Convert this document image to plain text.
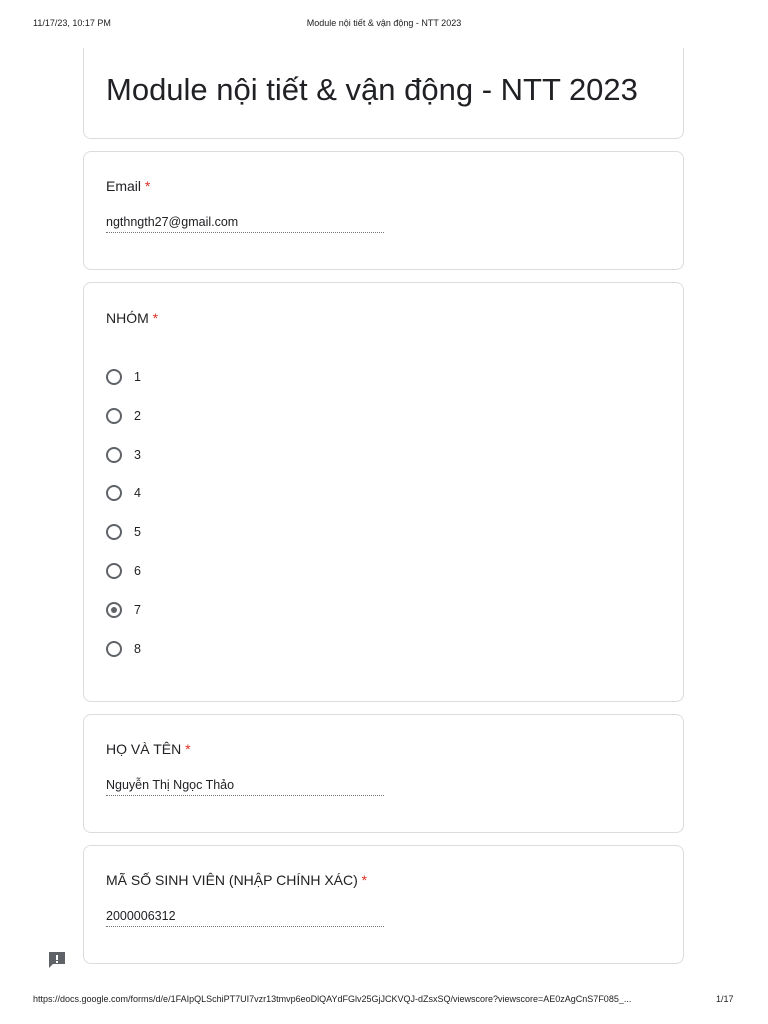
11/17/23, 10:17 PM	Module nội tiết & vận động - NTT 2023
Module nội tiết & vận động - NTT 2023
Email *
ngthngth27@gmail.com
NHÓM *
1
2
3
4
5
6
7
8
HỌ VÀ TÊN *
Nguyễn Thị Ngọc Thảo
MÃ SỐ SINH VIÊN (NHẬP CHÍNH XÁC) *
2000006312
https://docs.google.com/forms/d/e/1FAIpQLSchiPT7UI7vzr13tmvp6eoDlQAYdFGlv25GjJCKVQJ-dZsxSQ/viewscore?viewscore=AE0zAgCnS7F085_...	1/17
